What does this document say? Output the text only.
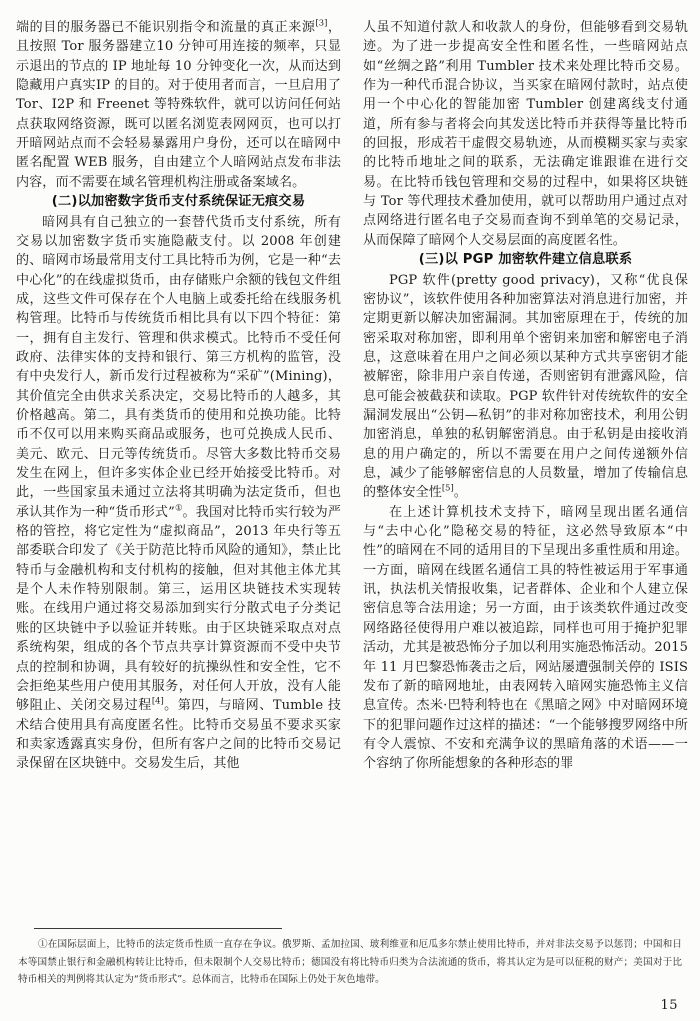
端的目的服务器已不能识别指令和流量的真正来源[3]，且按照 Tor 服务器建立10 分钟可用连接的频率，只显示退出的节点的 IP 地址每 10 分钟变化一次，从而达到隐藏用户真实IP 的目的。对于使用者而言，一旦启用了 Tor、I2P 和 Freenet 等特殊软件，就可以访问任何站点获取网络资源，既可以匿名浏览表网网页，也可以打开暗网站点而不会轻易暴露用户身份，还可以在暗网中匿名配置 WEB 服务，自由建立个人暗网站点发布非法内容，而不需要在域名管理机构注册或备案域名。

(二)以加密数字货币支付系统保证无痕交易

暗网具有自己独立的一套替代货币支付系统，所有交易以加密数字货币实施隐蔽支付。以 2008 年创建的、暗网市场最常用支付工具比特币为例，它是一种“去中心化”的在线虚拟货币，由存储账户余额的钱包文件组成，这些文件可保存在个人电脑上或委托给在线服务机构管理。比特币与传统货币相比具有以下四个特征：第一，拥有自主发行、管理和供求模式。比特币不受任何政府、法律实体的支持和银行、第三方机构的监管，没有中央发行人，新币发行过程被称为“采矿”(Mining)，其价值完全由供求关系决定，交易比特币的人越多，其价格越高。第二，具有类货币的使用和兑换功能。比特币不仅可以用来购买商品或服务，也可兑换成人民币、美元、欧元、日元等传统货币。尽管大多数比特币交易发生在网上，但许多实体企业已经开始接受比特币。对此，一些国家虽未通过立法将其明确为法定货币，但也承认其作为一种“货币形式”①。我国对比特币实行较为严格的管控，将它定性为“虚拟商品”，2013 年央行等五部委联合印发了《关于防范比特币风险的通知》，禁止比特币与金融机构和支付机构的接触，但对其他主体尤其是个人未作特别限制。第三，运用区块链技术实现转账。在线用户通过将交易添加到实行分散式电子分类记账的区块链中予以验证并转账。由于区块链采取点对点系统构架，组成的各个节点共享计算资源而不受中央节点的控制和协调，具有较好的抗操纵性和安全性，它不会拒绝某些用户使用其服务，对任何人开放，没有人能够阻止、关闭交易过程[4]。第四，与暗网、Tumble 技术结合使用具有高度匿名性。比特币交易虽不要求买家和卖家透露真实身份，但所有客户之间的比特币交易记录保留在区块链中。交易发生后，其他

人虽不知道付款人和收款人的身份，但能够看到交易轨迹。为了进一步提高安全性和匿名性，一些暗网站点如“丝绸之路”利用 Tumbler 技术来处理比特币交易。作为一种代币混合协议，当买家在暗网付款时，站点使用一个中心化的智能加密 Tumbler 创建离线支付通道，所有参与者将会向其发送比特币并获得等量比特币的回报，形成若干虚假交易轨迹，从而模糊买家与卖家的比特币地址之间的联系，无法确定谁跟谁在进行交易。在比特币钱包管理和交易的过程中，如果将区块链与 Tor 等代理技术叠加使用，就可以帮助用户通过点对点网络进行匿名电子交易而查询不到单笔的交易记录，从而保障了暗网个人交易层面的高度匿名性。

(三)以 PGP 加密软件建立信息联系

PGP 软件(pretty good privacy)，又称“优良保密协议”，该软件使用各种加密算法对消息进行加密，并定期更新以解决加密漏洞。其加密原理在于，传统的加密采取对称加密，即利用单个密钥来加密和解密电子消息，这意味着在用户之间必须以某种方式共享密钥才能被解密，除非用户亲自传递，否则密钥有泄露风险，信息可能会被截获和读取。PGP 软件针对传统软件的安全漏洞发展出“公钥—私钥”的非对称加密技术，利用公钥加密消息，单独的私钥解密消息。由于私钥是由接收消息的用户确定的，所以不需要在用户之间传递额外信息，减少了能够解密信息的人员数量，增加了传输信息的整体安全性[5]。

在上述计算机技术支持下，暗网呈现出匿名通信与“去中心化”隐秘交易的特征，这必然导致原本“中性”的暗网在不同的适用目的下呈现出多重性质和用途。一方面，暗网在线匿名通信工具的特性被运用于军事通讯，执法机关情报收集，记者群体、企业和个人建立保密信息等合法用途；另一方面，由于该类软件通过改变网络路径使得用户难以被追踪，同样也可用于掩护犯罪活动，尤其是被恐怖分子加以利用实施恐怖活动。2015 年 11 月巴黎恐怖袭击之后，网站屡遭强制关停的 ISIS 发布了新的暗网地址，由表网转入暗网实施恐怖主义信息宣传。杰米·巴特利特也在《黑暗之网》中对暗网环境下的犯罪问题作过这样的描述：“一个能够搜罗网络中所有令人震惊、不安和充满争议的黑暗角落的术语——一个容纳了你所能想象的各种形态的罪

①在国际层面上，比特币的法定货币性质一直存在争议。俄罗斯、孟加拉国、玻利维亚和厄瓜多尔禁止使用比特币，并对非法交易予以惩罚；中国和日本等国禁止银行和金融机构转让比特币，但未限制个人交易比特币；德国没有将比特币归类为合法流通的货币，将其认定为是可以征税的财产；美国对于比特币相关的判例将其认定为“货币形式”。总体而言，比特币在国际上仍处于灰色地带。

15
